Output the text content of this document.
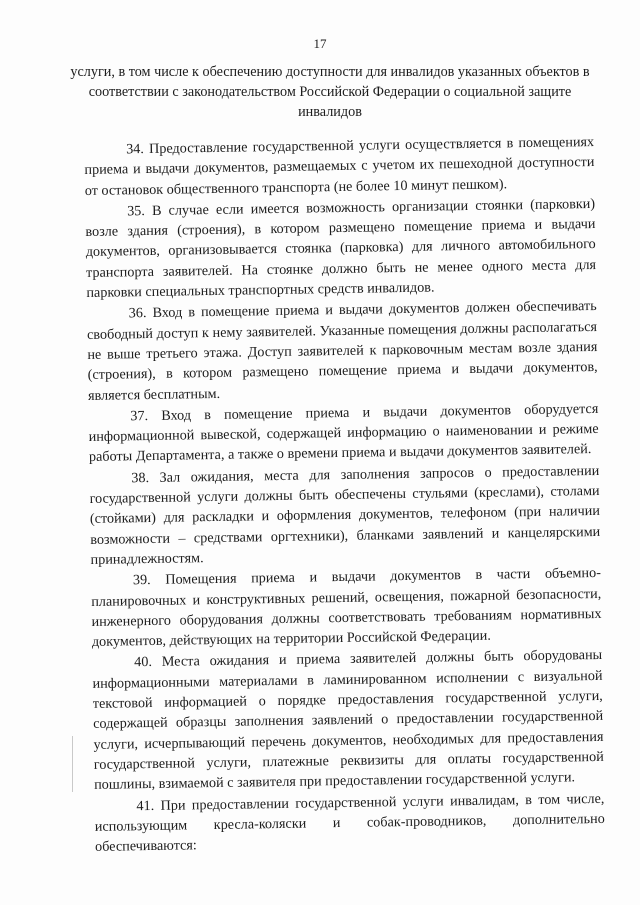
17
услуги, в том числе к обеспечению доступности для инвалидов указанных объектов в соответствии с законодательством Российской Федерации о социальной защите инвалидов

34. Предоставление государственной услуги осуществляется в помещениях приема и выдачи документов, размещаемых с учетом их пешеходной доступности от остановок общественного транспорта (не более 10 минут пешком).

35. В случае если имеется возможность организации стоянки (парковки) возле здания (строения), в котором размещено помещение приема и выдачи документов, организовывается стоянка (парковка) для личного автомобильного транспорта заявителей. На стоянке должно быть не менее одного места для парковки специальных транспортных средств инвалидов.

36. Вход в помещение приема и выдачи документов должен обеспечивать свободный доступ к нему заявителей. Указанные помещения должны располагаться не выше третьего этажа. Доступ заявителей к парковочным местам возле здания (строения), в котором размещено помещение приема и выдачи документов, является бесплатным.

37. Вход в помещение приема и выдачи документов оборудуется информационной вывеской, содержащей информацию о наименовании и режиме работы Департамента, а также о времени приема и выдачи документов заявителей.

38. Зал ожидания, места для заполнения запросов о предоставлении государственной услуги должны быть обеспечены стульями (креслами), столами (стойками) для раскладки и оформления документов, телефоном (при наличии возможности – средствами оргтехники), бланками заявлений и канцелярскими принадлежностям.

39. Помещения приема и выдачи документов в части объемно-планировочных и конструктивных решений, освещения, пожарной безопасности, инженерного оборудования должны соответствовать требованиям нормативных документов, действующих на территории Российской Федерации.

40. Места ожидания и приема заявителей должны быть оборудованы информационными материалами в ламинированном исполнении с визуальной текстовой информацией о порядке предоставления государственной услуги, содержащей образцы заполнения заявлений о предоставлении государственной услуги, исчерпывающий перечень документов, необходимых для предоставления государственной услуги, платежные реквизиты для оплаты государственной пошлины, взимаемой с заявителя при предоставлении государственной услуги.

41. При предоставлении государственной услуги инвалидам, в том числе, использующим кресла-коляски и собак-проводников, дополнительно обеспечиваются:
